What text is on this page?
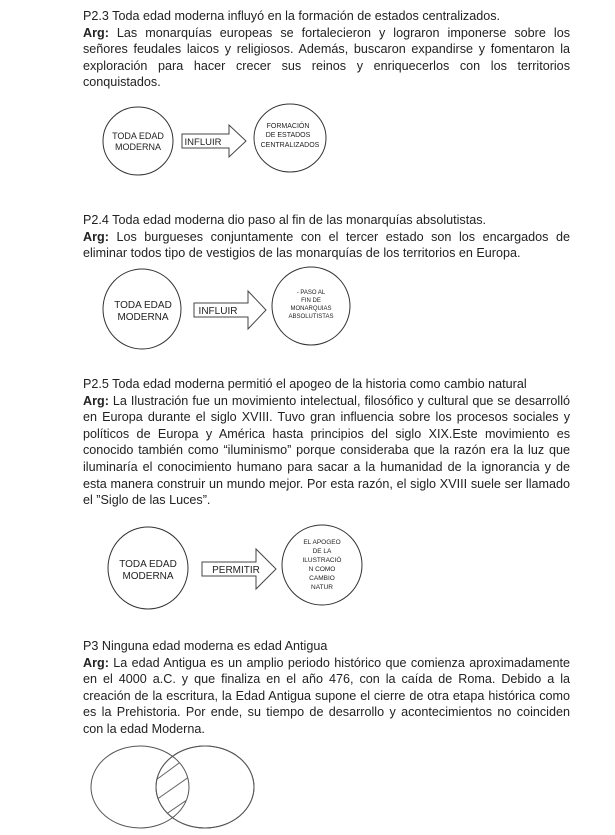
P2.3 Toda edad moderna influyó en la formación de estados centralizados.

Arg: Las monarquías europeas se fortalecieron y lograron imponerse sobre los señores feudales laicos y religiosos. Además, buscaron expandirse y fomentaron la exploración para hacer crecer sus reinos y enriquecerlos con los territorios conquistados.

TODA EDAD
MODERNA INFLUIR
FORMACIÓN
DE ESTADOS
CENTRALIZADOS

P2.4 Toda edad moderna dio paso al fin de las monarquías absolutistas.

Arg: Los burgueses conjuntamente con el tercer estado son los encargados de eliminar todos tipo de vestigios de las monarquías de los territorios en Europa.

TODA EDAD
MODERNA
INFLUIR
- PASO AL
FIN DE
MONARQUIAS
ABSOLUTISTAS

P2.5 Toda edad moderna permitió el apogeo de la historia como cambio natural

Arg: La Ilustración fue un movimiento intelectual, filosófico y cultural que se desarrolló en Europa durante el siglo XVIII. Tuvo gran influencia sobre los procesos sociales y políticos de Europa y América hasta principios del siglo XIX.Este movimiento es conocido también como “iluminismo” porque consideraba que la razón era la luz que iluminaría el conocimiento humano para sacar a la humanidad de la ignorancia y de esta manera construir un mundo mejor. Por esta razón, el siglo XVIII suele ser llamado el ”Siglo de las Luces”.

TODA EDAD
MODERNA
PERMITIR
EL APOGEO
DE LA
ILUSTRACIÓ
N COMO
CAMBIO
NATUR

P3 Ninguna edad moderna es edad Antigua

Arg: La edad Antigua es un amplio periodo histórico que comienza aproximadamente en el 4000 a.C. y que finaliza en el año 476, con la caída de Roma. Debido a la creación de la escritura, la Edad Antigua supone el cierre de otra etapa histórica como es la Prehistoria. Por ende, su tiempo de desarrollo y acontecimientos no coinciden con la edad Moderna.
